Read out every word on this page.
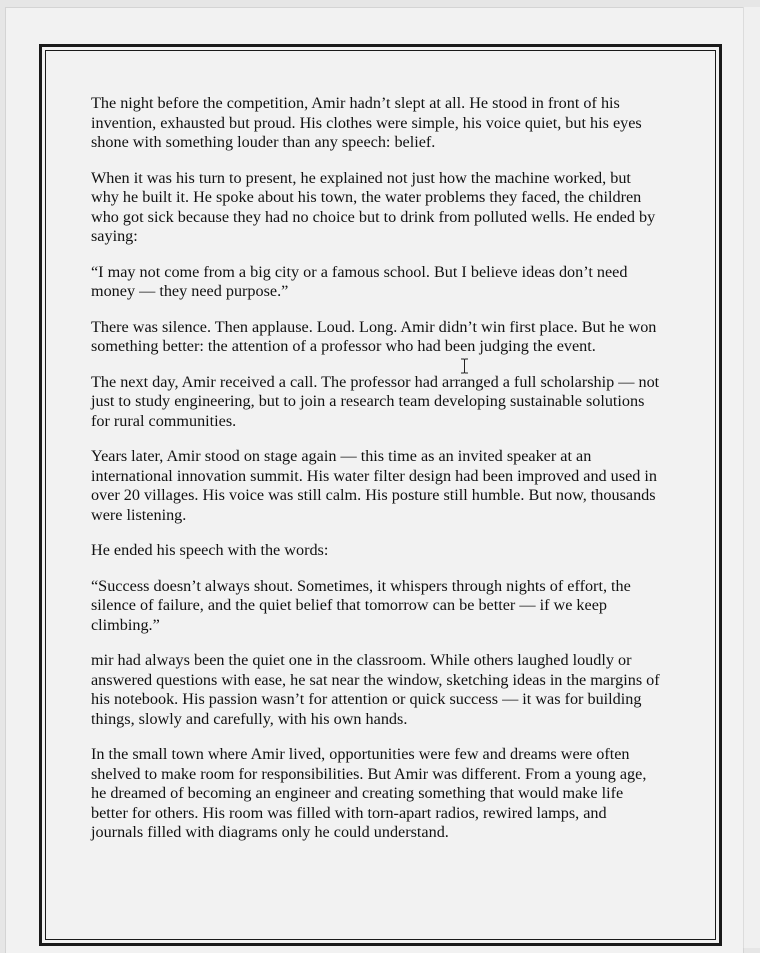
The night before the competition, Amir hadn’t slept at all. He stood in front of his invention, exhausted but proud. His clothes were simple, his voice quiet, but his eyes shone with something louder than any speech: belief.

When it was his turn to present, he explained not just how the machine worked, but why he built it. He spoke about his town, the water problems they faced, the children who got sick because they had no choice but to drink from polluted wells. He ended by saying:

“I may not come from a big city or a famous school. But I believe ideas don’t need money — they need purpose.”

There was silence. Then applause. Loud. Long. Amir didn’t win first place. But he won something better: the attention of a professor who had been judging the event.

The next day, Amir received a call. The professor had arranged a full scholarship — not just to study engineering, but to join a research team developing sustainable solutions for rural communities.

Years later, Amir stood on stage again — this time as an invited speaker at an international innovation summit. His water filter design had been improved and used in over 20 villages. His voice was still calm. His posture still humble. But now, thousands were listening.

He ended his speech with the words:

“Success doesn’t always shout. Sometimes, it whispers through nights of effort, the silence of failure, and the quiet belief that tomorrow can be better — if we keep climbing.”

mir had always been the quiet one in the classroom. While others laughed loudly or answered questions with ease, he sat near the window, sketching ideas in the margins of his notebook. His passion wasn’t for attention or quick success — it was for building things, slowly and carefully, with his own hands.

In the small town where Amir lived, opportunities were few and dreams were often shelved to make room for responsibilities. But Amir was different. From a young age, he dreamed of becoming an engineer and creating something that would make life better for others. His room was filled with torn-apart radios, rewired lamps, and journals filled with diagrams only he could understand.
